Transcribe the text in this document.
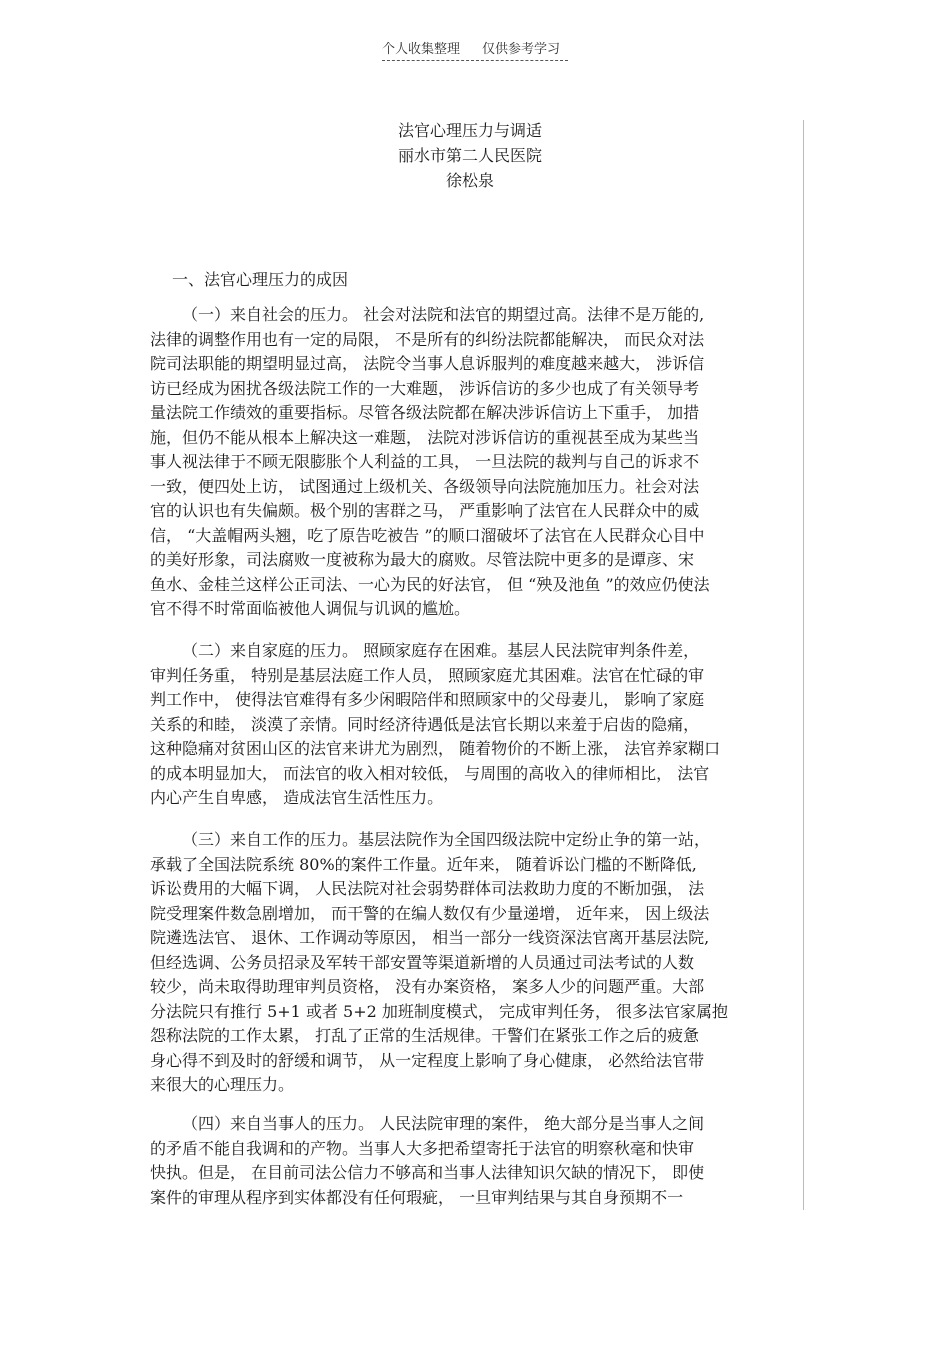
个人收集整理 仅供参考学习
法官心理压力与调适
丽水市第二人民医院
徐松泉
一、法官心理压力的成因
（一）来自社会的压力。 社会对法院和法官的期望过高。法律不是万能的,
法律的调整作用也有一定的局限， 不是所有的纠纷法院都能解决， 而民众对法
院司法职能的期望明显过高， 法院令当事人息诉服判的难度越来越大， 涉诉信
访已经成为困扰各级法院工作的一大难题， 涉诉信访的多少也成了有关领导考
量法院工作绩效的重要指标。尽管各级法院都在解决涉诉信访上下重手， 加措
施，但仍不能从根本上解决这一难题， 法院对涉诉信访的重视甚至成为某些当
事人视法律于不顾无限膨胀个人利益的工具， 一旦法院的裁判与自己的诉求不
一致，便四处上访， 试图通过上级机关、各级领导向法院施加压力。社会对法
官的认识也有失偏颇。极个别的害群之马， 严重影响了法官在人民群众中的威
信， “大盖帽两头翘，吃了原告吃被告 ”的顺口溜破坏了法官在人民群众心目中
的美好形象，司法腐败一度被称为最大的腐败。尽管法院中更多的是谭彦、宋
鱼水、金桂兰这样公正司法、一心为民的好法官， 但 “殃及池鱼 ”的效应仍使法
官不得不时常面临被他人调侃与讥讽的尴尬。
（二）来自家庭的压力。 照顾家庭存在困难。基层人民法院审判条件差，
审判任务重， 特别是基层法庭工作人员， 照顾家庭尤其困难。法官在忙碌的审
判工作中， 使得法官难得有多少闲暇陪伴和照顾家中的父母妻儿， 影响了家庭
关系的和睦， 淡漠了亲情。同时经济待遇低是法官长期以来羞于启齿的隐痛，
这种隐痛对贫困山区的法官来讲尤为剧烈， 随着物价的不断上涨， 法官养家糊口
的成本明显加大， 而法官的收入相对较低， 与周围的高收入的律师相比， 法官
内心产生自卑感， 造成法官生活性压力。
（三）来自工作的压力。基层法院作为全国四级法院中定纷止争的第一站，
承载了全国法院系统 80%的案件工作量。近年来， 随着诉讼门槛的不断降低,
诉讼费用的大幅下调， 人民法院对社会弱势群体司法救助力度的不断加强， 法
院受理案件数急剧增加， 而干警的在编人数仅有少量递增， 近年来， 因上级法
院遴选法官、 退休、工作调动等原因， 相当一部分一线资深法官离开基层法院,
但经选调、公务员招录及军转干部安置等渠道新增的人员通过司法考试的人数
较少，尚未取得助理审判员资格， 没有办案资格， 案多人少的问题严重。大部
分法院只有推行 5+1 或者 5+2 加班制度模式， 完成审判任务， 很多法官家属抱
怨称法院的工作太累， 打乱了正常的生活规律。干警们在紧张工作之后的疲惫
身心得不到及时的舒缓和调节， 从一定程度上影响了身心健康， 必然给法官带
来很大的心理压力。
（四）来自当事人的压力。 人民法院审理的案件， 绝大部分是当事人之间
的矛盾不能自我调和的产物。当事人大多把希望寄托于法官的明察秋毫和快审
快执。但是， 在目前司法公信力不够高和当事人法律知识欠缺的情况下， 即使
案件的审理从程序到实体都没有任何瑕疵， 一旦审判结果与其自身预期不一
